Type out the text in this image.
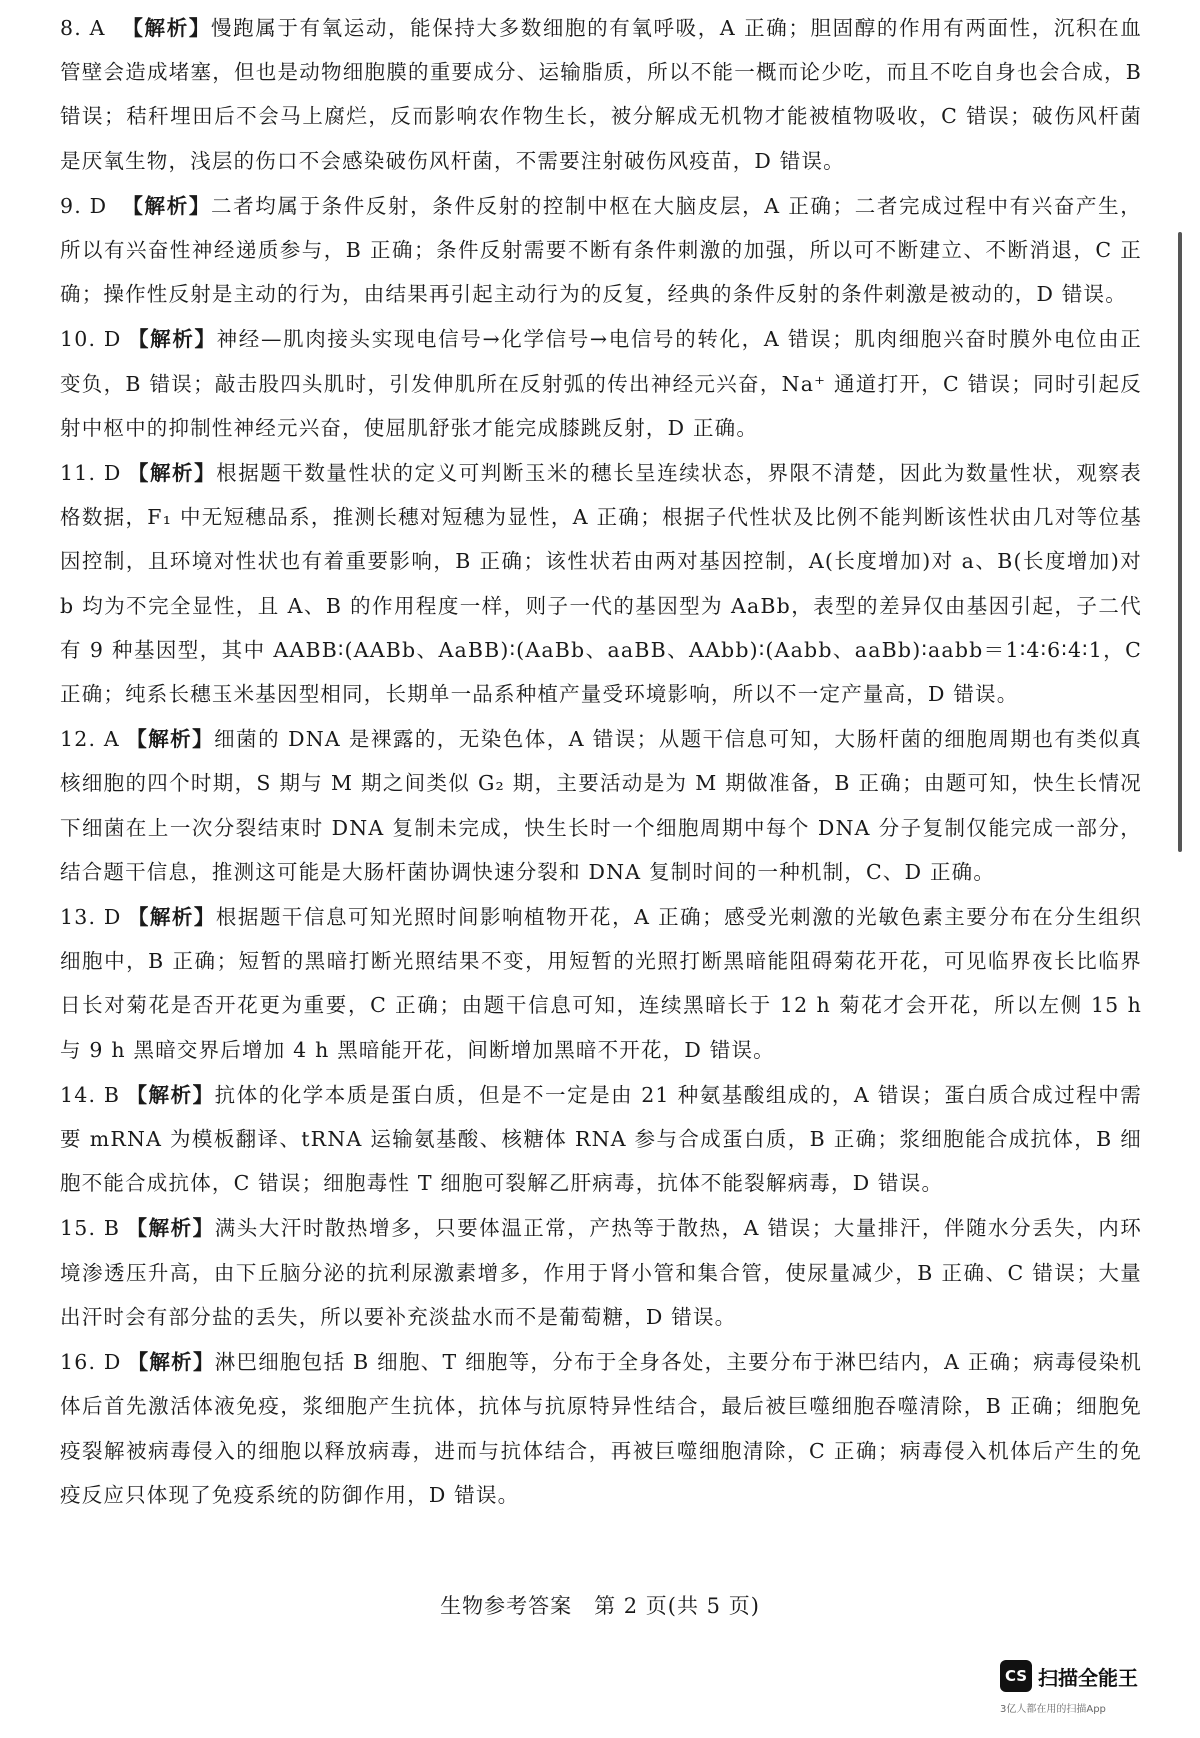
8. A 【解析】慢跑属于有氧运动，能保持大多数细胞的有氧呼吸，A 正确；胆固醇的作用有两面性，沉积在血管壁会造成堵塞，但也是动物细胞膜的重要成分、运输脂质，所以不能一概而论少吃，而且不吃自身也会合成，B 错误；秸秆埋田后不会马上腐烂，反而影响农作物生长，被分解成无机物才能被植物吸收，C 错误；破伤风杆菌是厌氧生物，浅层的伤口不会感染破伤风杆菌，不需要注射破伤风疫苗，D 错误。

9. D 【解析】二者均属于条件反射，条件反射的控制中枢在大脑皮层，A 正确；二者完成过程中有兴奋产生，所以有兴奋性神经递质参与，B 正确；条件反射需要不断有条件刺激的加强，所以可不断建立、不断消退，C 正确；操作性反射是主动的行为，由结果再引起主动行为的反复，经典的条件反射的条件刺激是被动的，D 错误。

10. D 【解析】神经—肌肉接头实现电信号→化学信号→电信号的转化，A 错误；肌肉细胞兴奋时膜外电位由正变负，B 错误；敲击股四头肌时，引发伸肌所在反射弧的传出神经元兴奋，Na⁺ 通道打开，C 错误；同时引起反射中枢中的抑制性神经元兴奋，使屈肌舒张才能完成膝跳反射，D 正确。

11. D 【解析】根据题干数量性状的定义可判断玉米的穗长呈连续状态，界限不清楚，因此为数量性状，观察表格数据，F₁ 中无短穗品系，推测长穗对短穗为显性，A 正确；根据子代性状及比例不能判断该性状由几对等位基因控制，且环境对性状也有着重要影响，B 正确；该性状若由两对基因控制，A(长度增加)对 a、B(长度增加)对 b 均为不完全显性，且 A、B 的作用程度一样，则子一代的基因型为 AaBb，表型的差异仅由基因引起，子二代有 9 种基因型，其中 AABB∶(AABb、AaBB)∶(AaBb、aaBB、AAbb)∶(Aabb、aaBb)∶aabb＝1∶4∶6∶4∶1，C 正确；纯系长穗玉米基因型相同，长期单一品系种植产量受环境影响，所以不一定产量高，D 错误。

12. A 【解析】细菌的 DNA 是裸露的，无染色体，A 错误；从题干信息可知，大肠杆菌的细胞周期也有类似真核细胞的四个时期，S 期与 M 期之间类似 G₂ 期，主要活动是为 M 期做准备，B 正确；由题可知，快生长情况下细菌在上一次分裂结束时 DNA 复制未完成，快生长时一个细胞周期中每个 DNA 分子复制仅能完成一部分，结合题干信息，推测这可能是大肠杆菌协调快速分裂和 DNA 复制时间的一种机制，C、D 正确。

13. D 【解析】根据题干信息可知光照时间影响植物开花，A 正确；感受光刺激的光敏色素主要分布在分生组织细胞中，B 正确；短暂的黑暗打断光照结果不变，用短暂的光照打断黑暗能阻碍菊花开花，可见临界夜长比临界日长对菊花是否开花更为重要，C 正确；由题干信息可知，连续黑暗长于 12 h 菊花才会开花，所以左侧 15 h 与 9 h 黑暗交界后增加 4 h 黑暗能开花，间断增加黑暗不开花，D 错误。

14. B 【解析】抗体的化学本质是蛋白质，但是不一定是由 21 种氨基酸组成的，A 错误；蛋白质合成过程中需要 mRNA 为模板翻译、tRNA 运输氨基酸、核糖体 RNA 参与合成蛋白质，B 正确；浆细胞能合成抗体，B 细胞不能合成抗体，C 错误；细胞毒性 T 细胞可裂解乙肝病毒，抗体不能裂解病毒，D 错误。

15. B 【解析】满头大汗时散热增多，只要体温正常，产热等于散热，A 错误；大量排汗，伴随水分丢失，内环境渗透压升高，由下丘脑分泌的抗利尿激素增多，作用于肾小管和集合管，使尿量减少，B 正确、C 错误；大量出汗时会有部分盐的丢失，所以要补充淡盐水而不是葡萄糖，D 错误。

16. D 【解析】淋巴细胞包括 B 细胞、T 细胞等，分布于全身各处，主要分布于淋巴结内，A 正确；病毒侵染机体后首先激活体液免疫，浆细胞产生抗体，抗体与抗原特异性结合，最后被巨噬细胞吞噬清除，B 正确；细胞免疫裂解被病毒侵入的细胞以释放病毒，进而与抗体结合，再被巨噬细胞清除，C 正确；病毒侵入机体后产生的免疫反应只体现了免疫系统的防御作用，D 错误。

生物参考答案　第 2 页(共 5 页)
CS 扫描全能王
3亿人都在用的扫描App
